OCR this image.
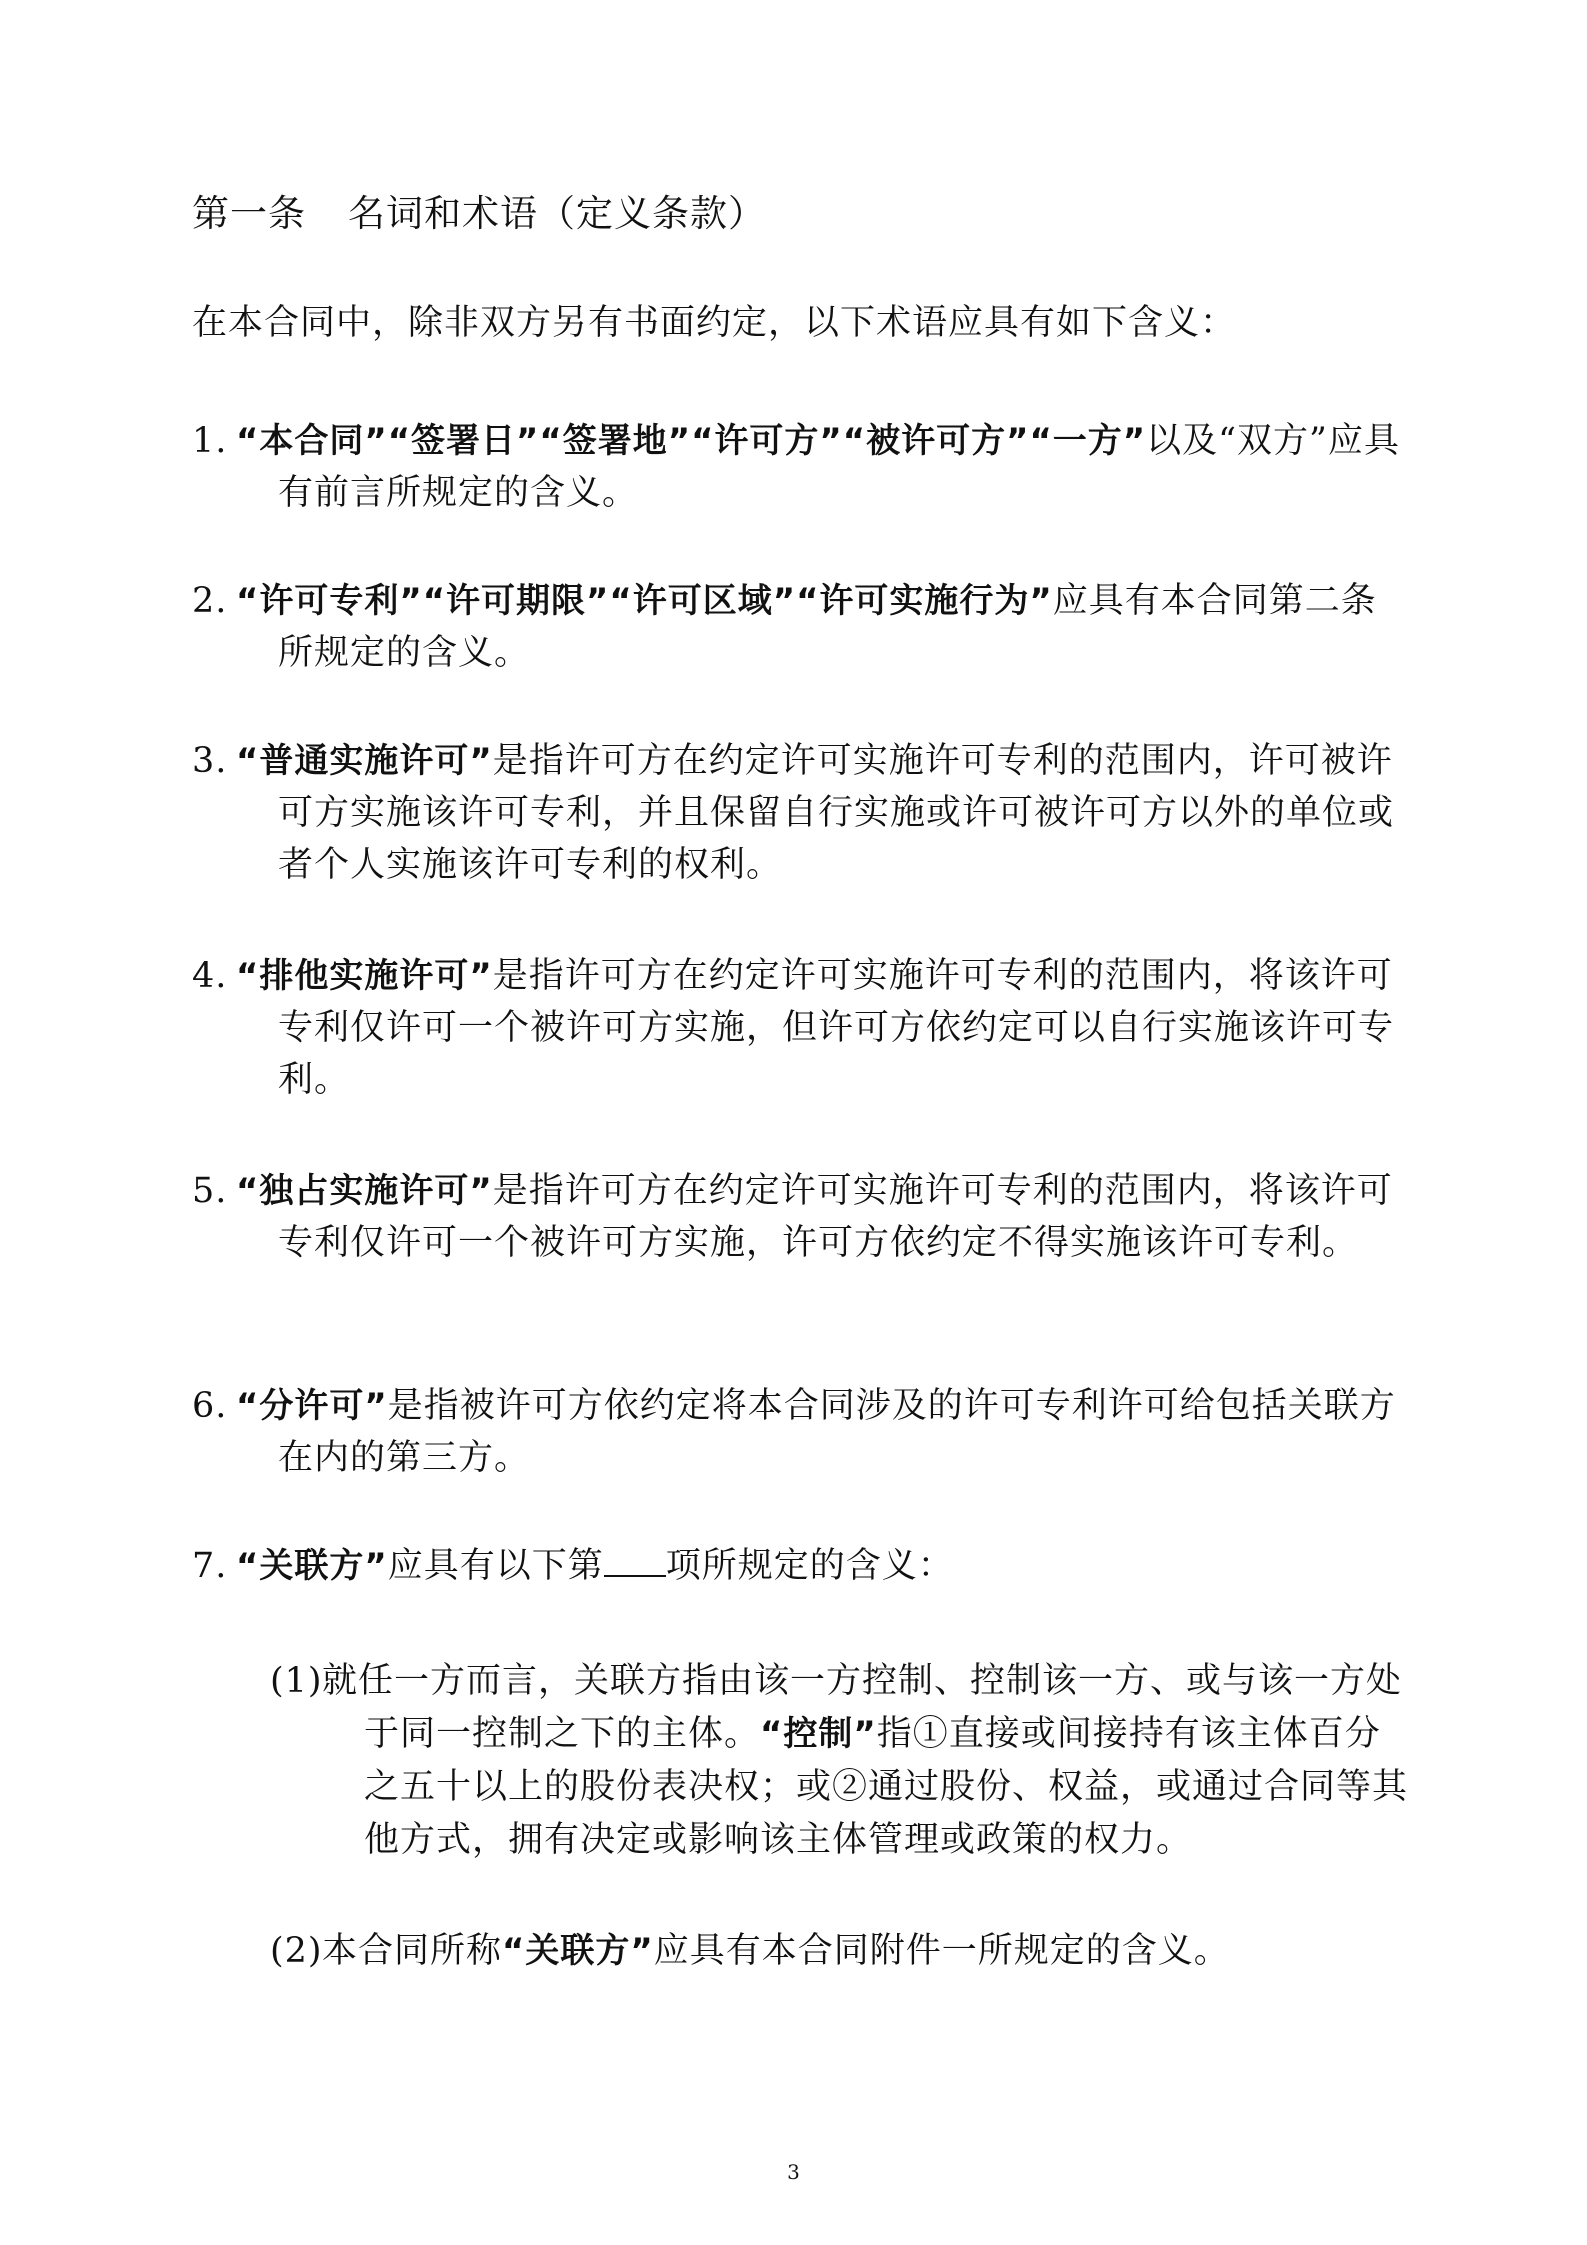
第一条 名词和术语（定义条款）
在本合同中，除非双方另有书面约定，以下术语应具有如下含义：
1. “本合同”“签署日”“签署地”“许可方”“被许可方”“一方”以及“双方”应具有前言所规定的含义。
2. “许可专利”“许可期限”“许可区域”“许可实施行为”应具有本合同第二条所规定的含义。
3. “普通实施许可”是指许可方在约定许可实施许可专利的范围内，许可被许可方实施该许可专利，并且保留自行实施或许可被许可方以外的单位或者个人实施该许可专利的权利。
4. “排他实施许可”是指许可方在约定许可实施许可专利的范围内，将该许可专利仅许可一个被许可方实施，但许可方依约定可以自行实施该许可专利。
5. “独占实施许可”是指许可方在约定许可实施许可专利的范围内，将该许可专利仅许可一个被许可方实施，许可方依约定不得实施该许可专利。
6. “分许可”是指被许可方依约定将本合同涉及的许可专利许可给包括关联方在内的第三方。
7. “关联方”应具有以下第 项所规定的含义：
(1) 就任一方而言，关联方指由该一方控制、控制该一方、或与该一方处于同一控制之下的主体。“控制”指①直接或间接持有该主体百分之五十以上的股份表决权；或②通过股份、权益，或通过合同等其他方式，拥有决定或影响该主体管理或政策的权力。
(2) 本合同所称“关联方”应具有本合同附件一所规定的含义。
3
